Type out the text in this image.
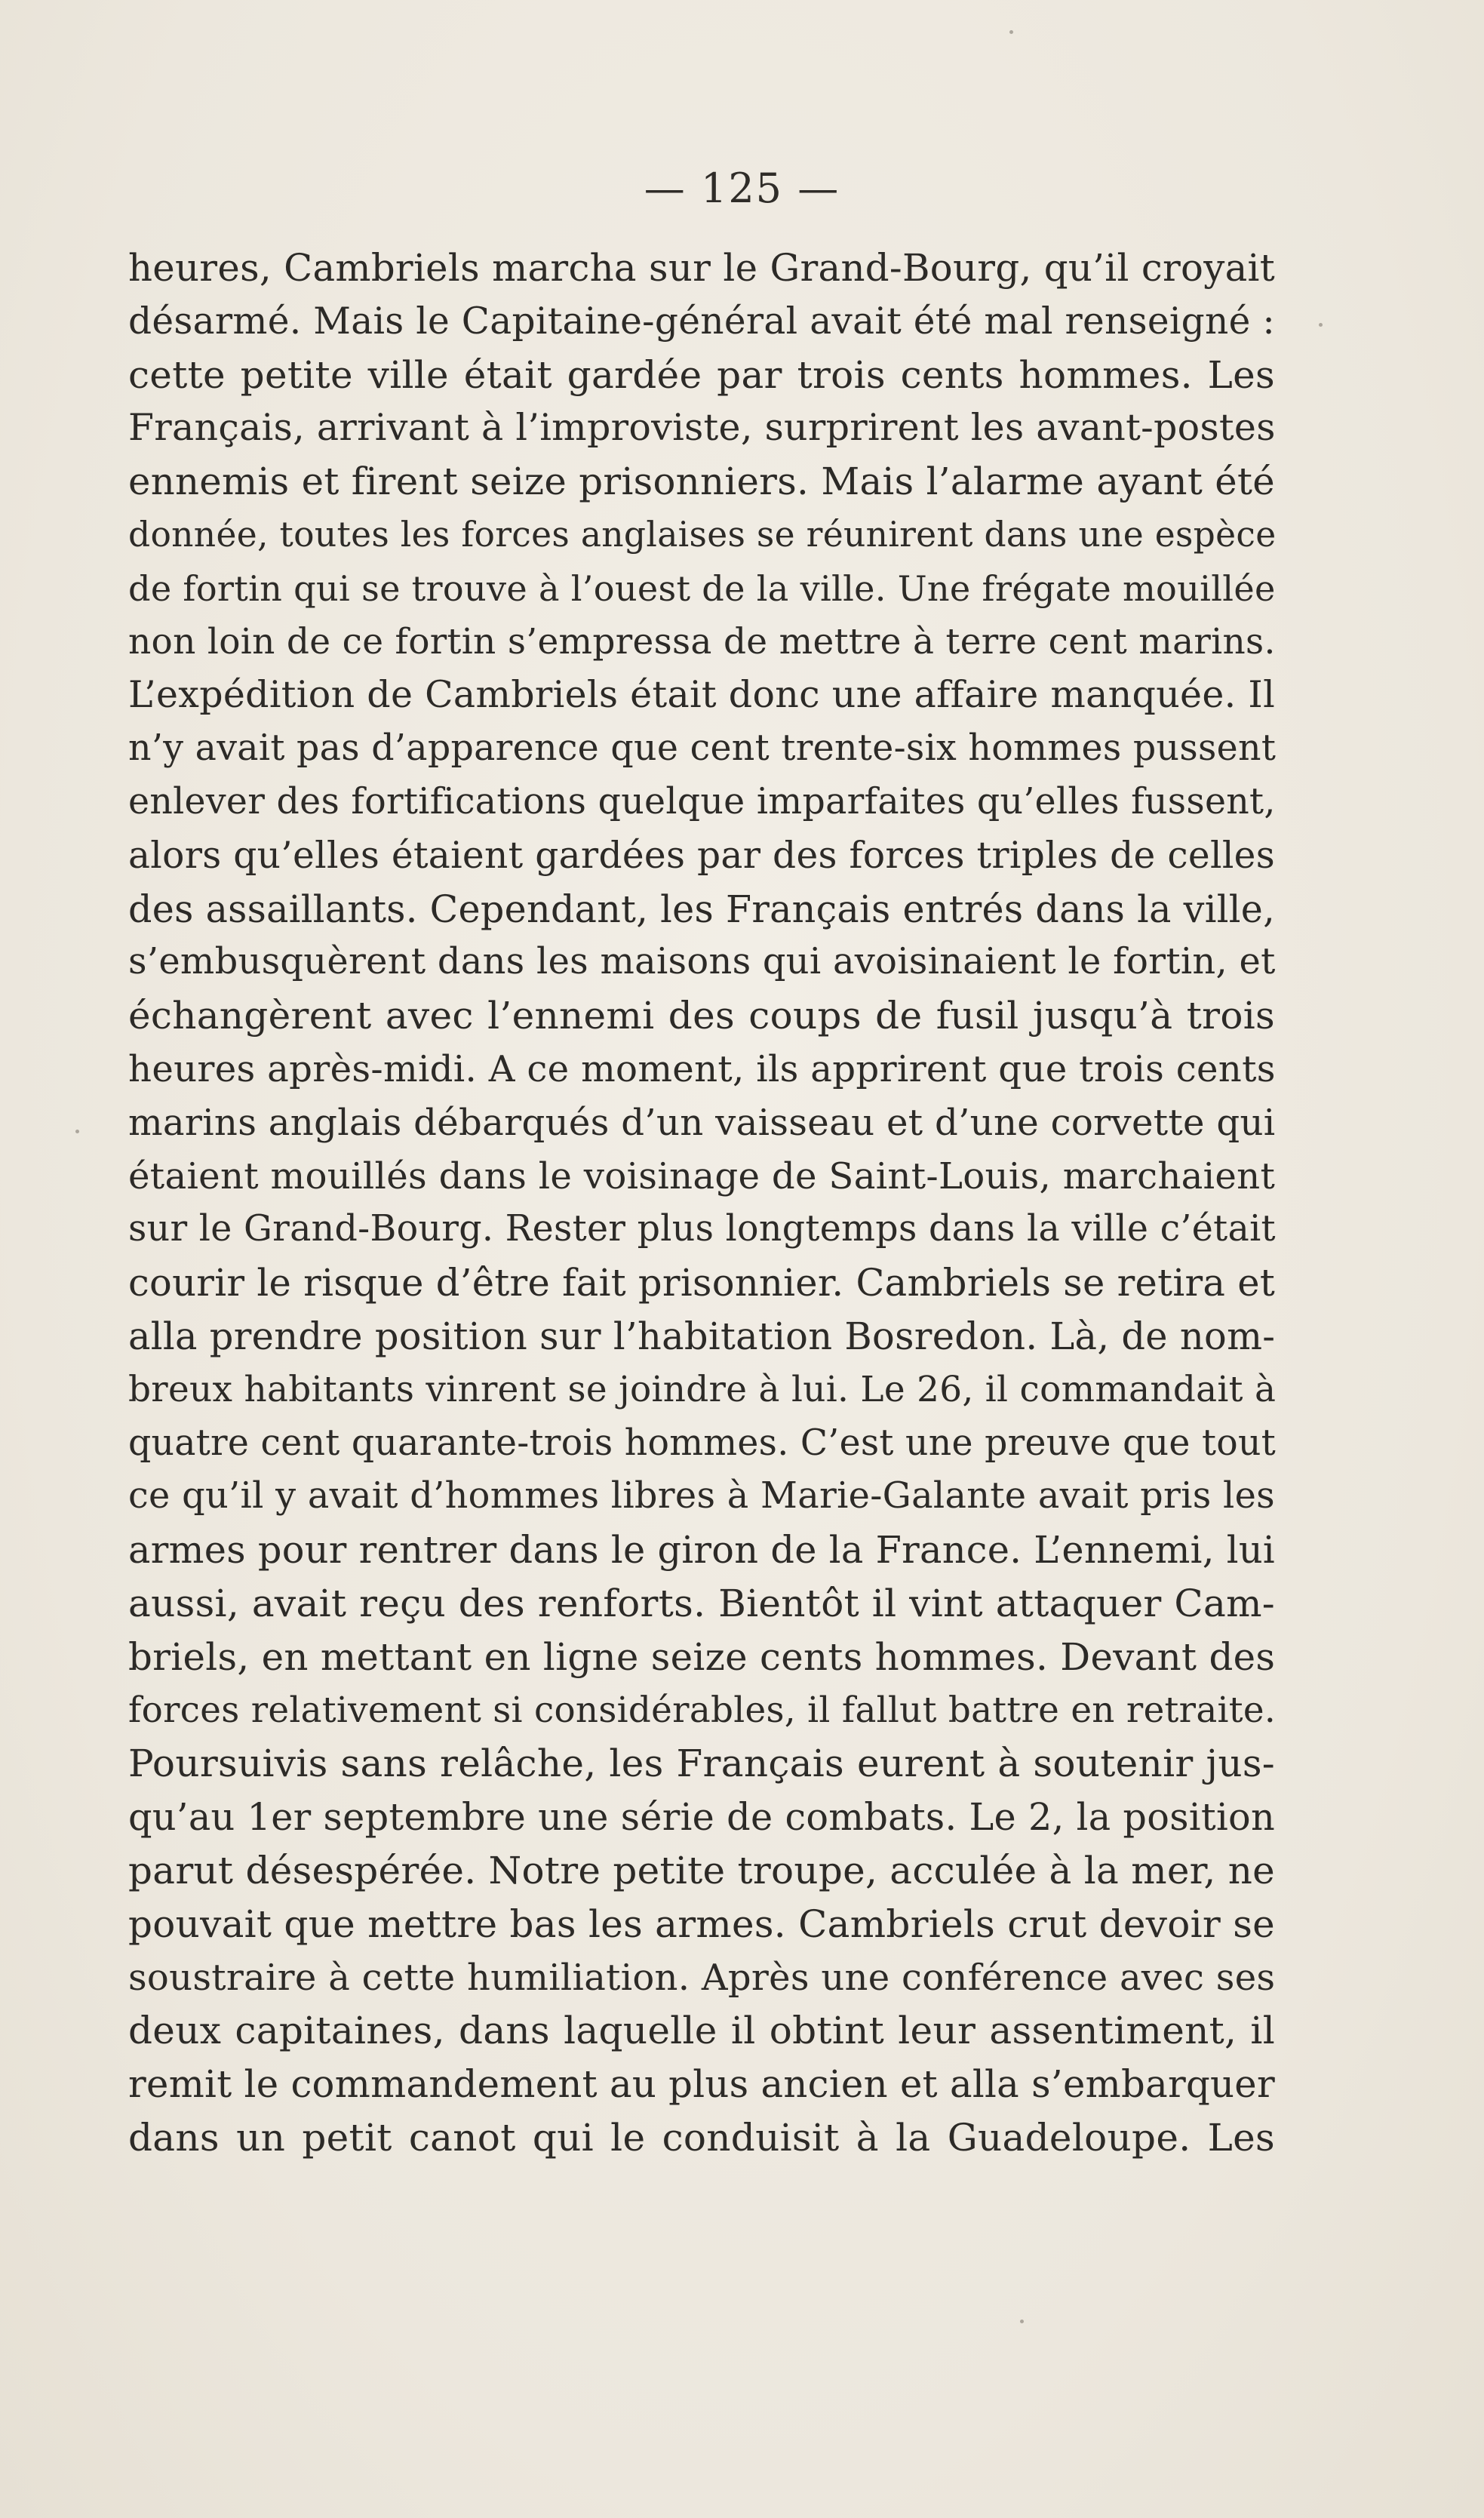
— 125 —
heures, Cambriels marcha sur le Grand-Bourg, qu’il croyait
désarmé. Mais le Capitaine-général avait été mal renseigné :
cette petite ville était gardée par trois cents hommes. Les
Français, arrivant à l’improviste, surprirent les avant-postes
ennemis et firent seize prisonniers. Mais l’alarme ayant été
donnée, toutes les forces anglaises se réunirent dans une espèce
de fortin qui se trouve à l’ouest de la ville. Une frégate mouillée
non loin de ce fortin s’empressa de mettre à terre cent marins.
L’expédition de Cambriels était donc une affaire manquée. Il
n’y avait pas d’apparence que cent trente-six hommes pussent
enlever des fortifications quelque imparfaites qu’elles fussent,
alors qu’elles étaient gardées par des forces triples de celles
des assaillants. Cependant, les Français entrés dans la ville,
s’embusquèrent dans les maisons qui avoisinaient le fortin, et
échangèrent avec l’ennemi des coups de fusil jusqu’à trois
heures après-midi. A ce moment, ils apprirent que trois cents
marins anglais débarqués d’un vaisseau et d’une corvette qui
étaient mouillés dans le voisinage de Saint-Louis, marchaient
sur le Grand-Bourg. Rester plus longtemps dans la ville c’était
courir le risque d’être fait prisonnier. Cambriels se retira et
alla prendre position sur l’habitation Bosredon. Là, de nom-
breux habitants vinrent se joindre à lui. Le 26, il commandait à
quatre cent quarante-trois hommes. C’est une preuve que tout
ce qu’il y avait d’hommes libres à Marie-Galante avait pris les
armes pour rentrer dans le giron de la France. L’ennemi, lui
aussi, avait reçu des renforts. Bientôt il vint attaquer Cam-
briels, en mettant en ligne seize cents hommes. Devant des
forces relativement si considérables, il fallut battre en retraite.
Poursuivis sans relâche, les Français eurent à soutenir jus-
qu’au 1er septembre une série de combats. Le 2, la position
parut désespérée. Notre petite troupe, acculée à la mer, ne
pouvait que mettre bas les armes. Cambriels crut devoir se
soustraire à cette humiliation. Après une conférence avec ses
deux capitaines, dans laquelle il obtint leur assentiment, il
remit le commandement au plus ancien et alla s’embarquer
dans un petit canot qui le conduisit à la Guadeloupe. Les
